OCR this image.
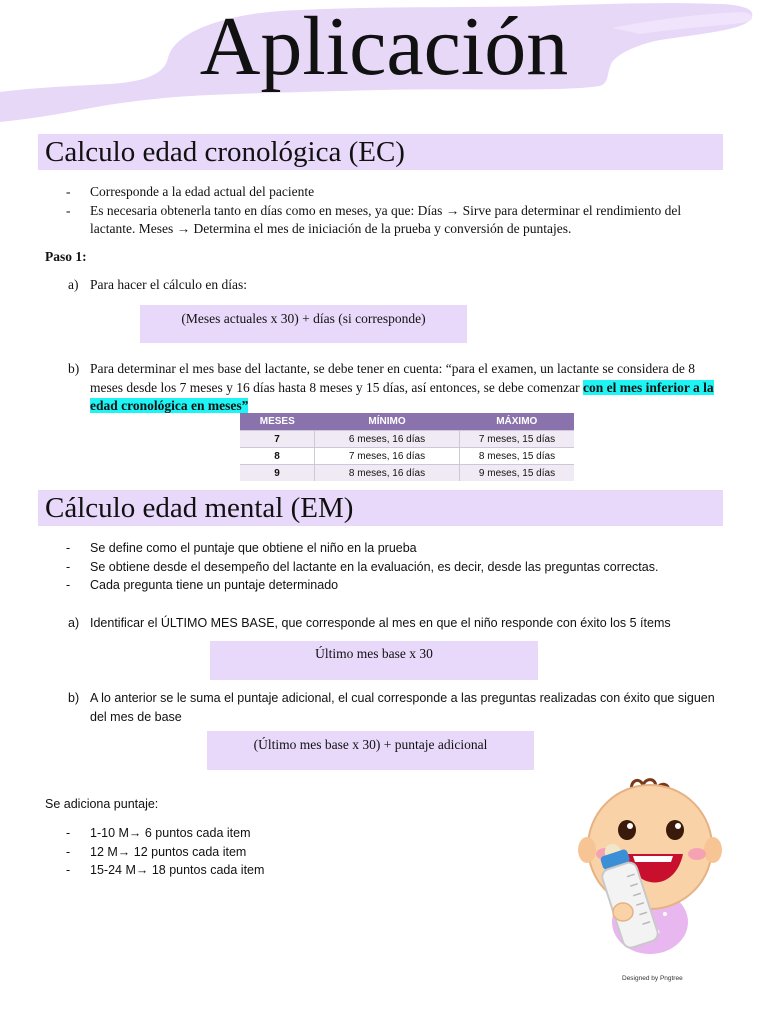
Aplicación
Calculo edad cronológica (EC)
- Corresponde a la edad actual del paciente
- Es necesaria obtenerla tanto en días como en meses, ya que: Días → Sirve para determinar el rendimiento del lactante. Meses → Determina el mes de iniciación de la prueba y conversión de puntajes.
Paso 1:
a) Para hacer el cálculo en días:
(Meses actuales x 30) + días (si corresponde)
b) Para determinar el mes base del lactante, se debe tener en cuenta: “para el examen, un lactante se considera de 8 meses desde los 7 meses y 16 días hasta 8 meses y 15 días, así entonces, se debe comenzar con el mes inferior a la edad cronológica en meses”
MESES	MÍNIMO	MÁXIMO
7	6 meses, 16 días	7 meses, 15 días
8	7 meses, 16 días	8 meses, 15 días
9	8 meses, 16 días	9 meses, 15 días
Cálculo edad mental (EM)
- Se define como el puntaje que obtiene el niño en la prueba
- Se obtiene desde el desempeño del lactante en la evaluación, es decir, desde las preguntas correctas.
- Cada pregunta tiene un puntaje determinado
a) Identificar el ÚLTIMO MES BASE, que corresponde al mes en que el niño responde con éxito los 5 ítems
Último mes base x 30
b) A lo anterior se le suma el puntaje adicional, el cual corresponde a las preguntas realizadas con éxito que siguen del mes de base
(Último mes base x 30) + puntaje adicional
Se adiciona puntaje:
- 1-10 M→ 6 puntos cada item
- 12 M→ 12 puntos cada item
- 15-24 M→ 18 puntos cada item
Designed by Pngtree
